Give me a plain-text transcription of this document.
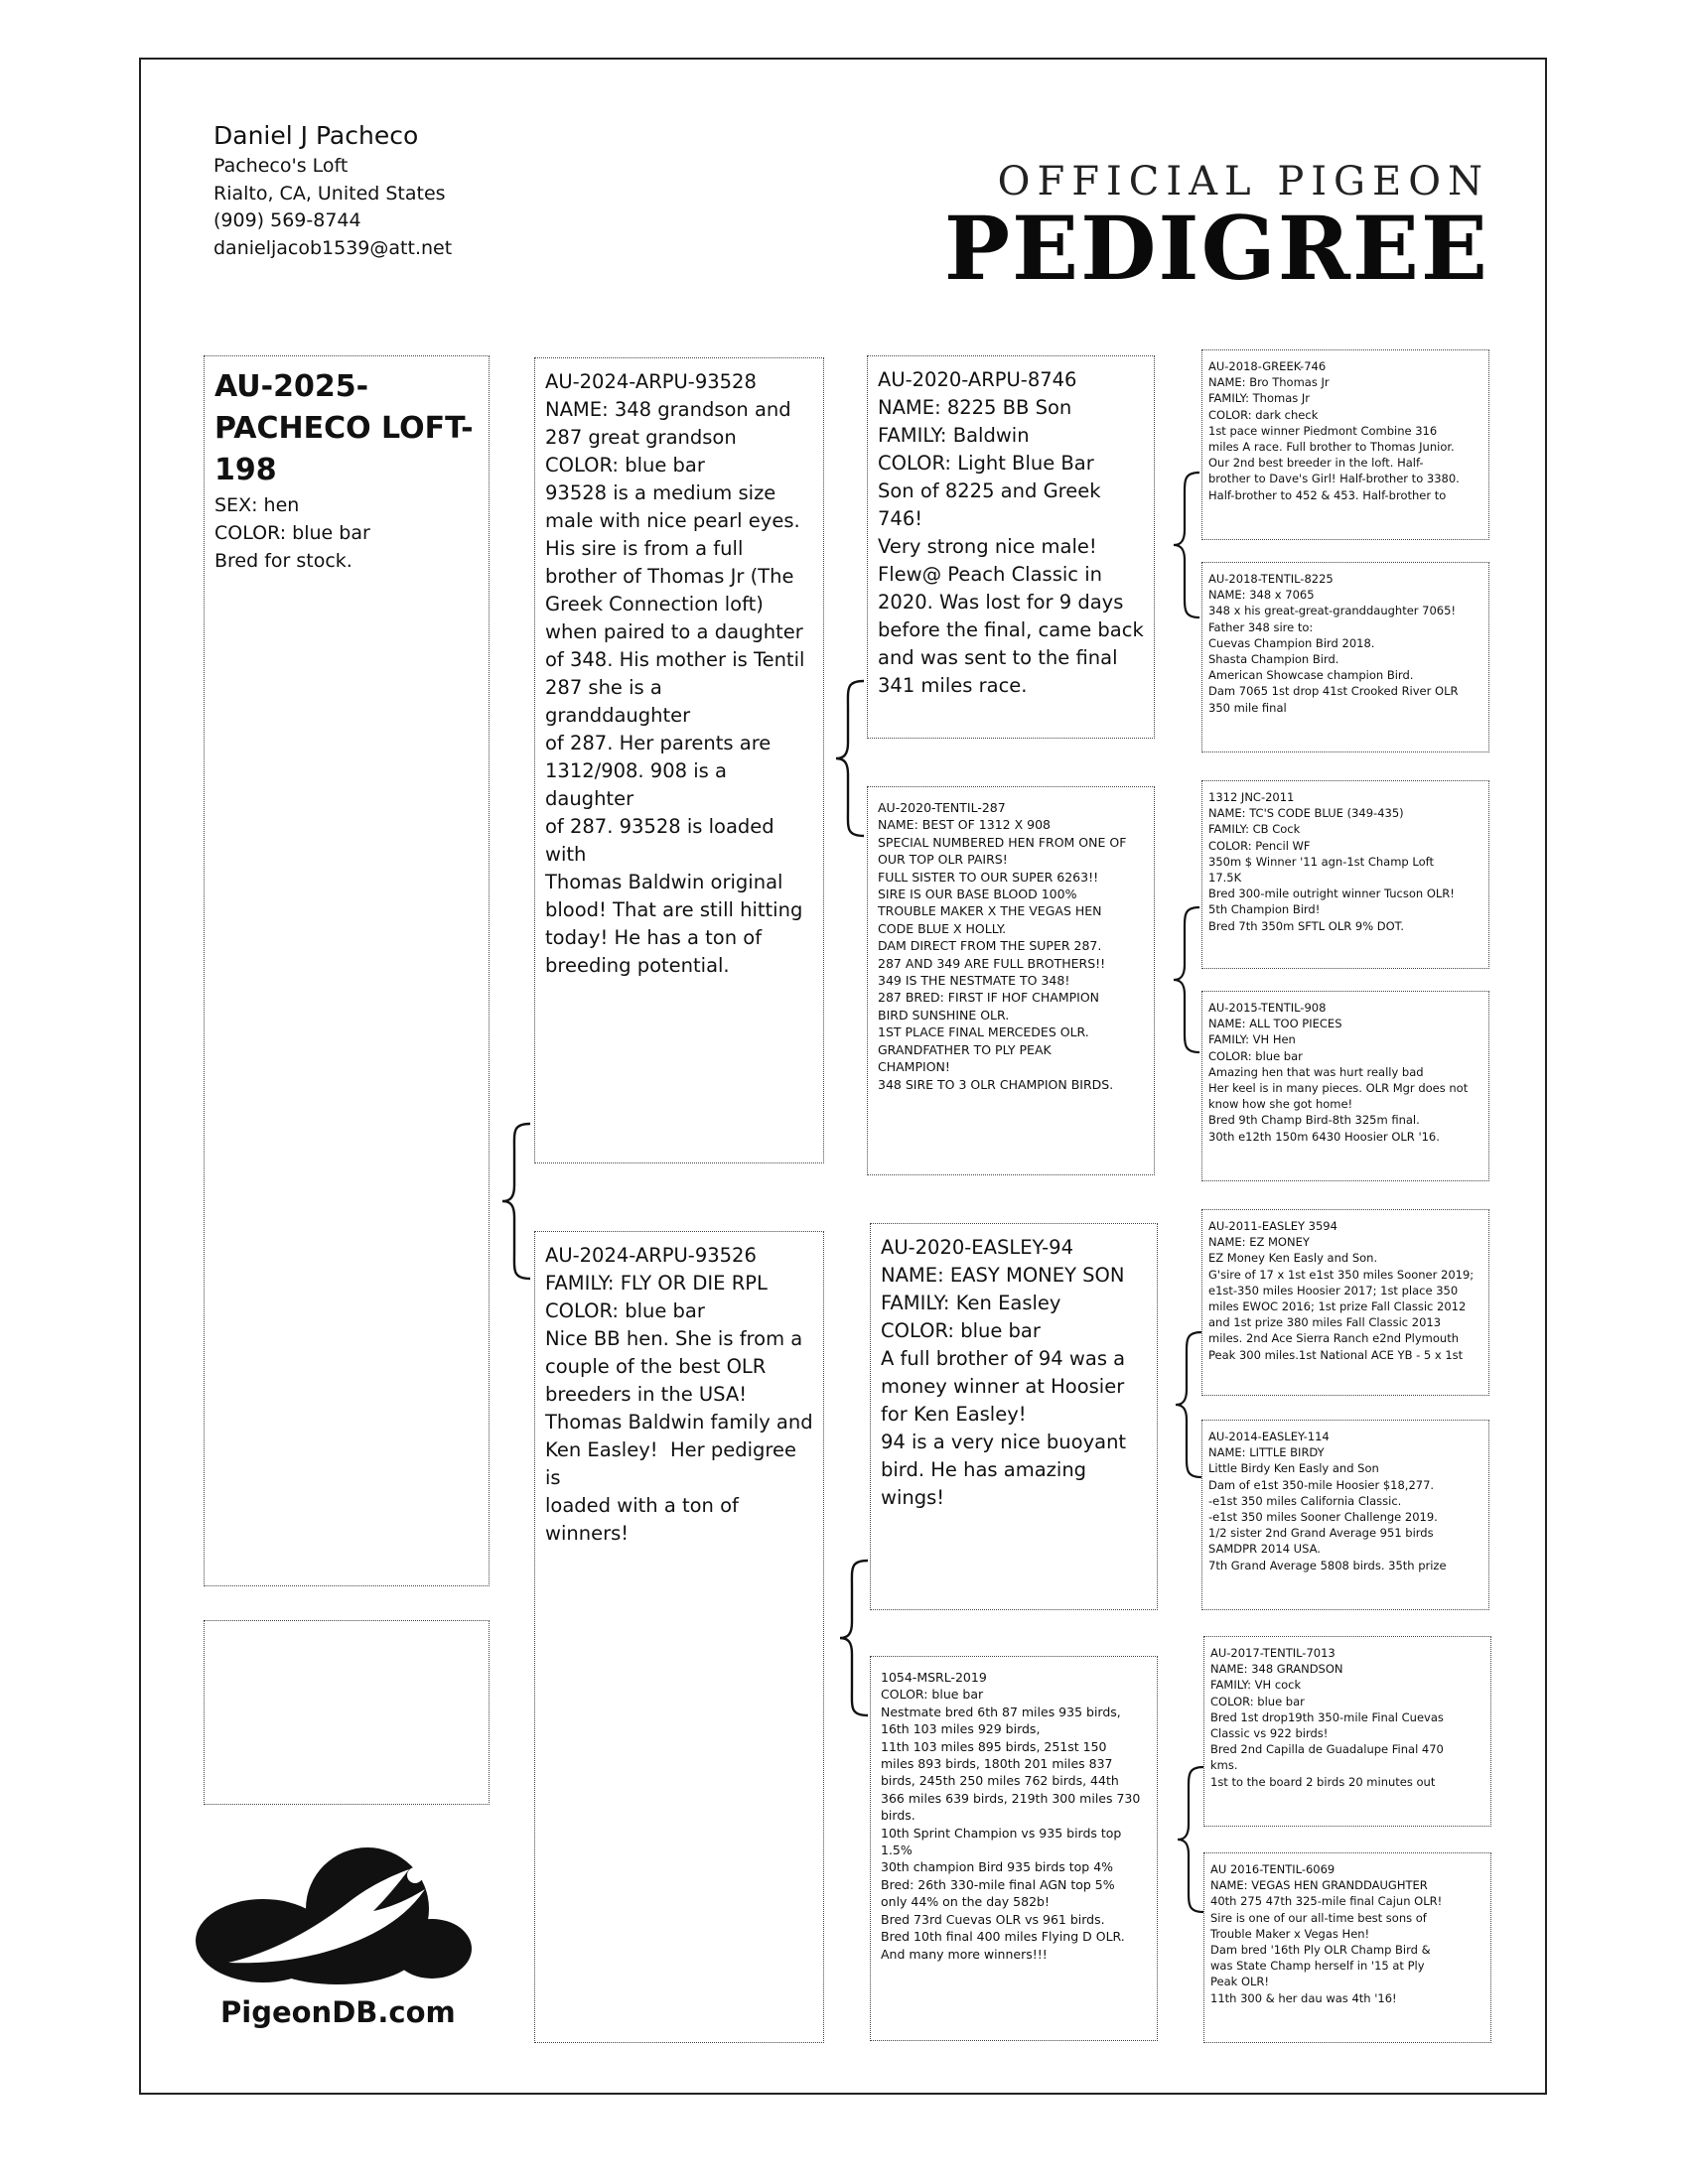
Daniel J Pacheco
Pacheco's Loft
Rialto, CA, United States
(909) 569-8744
danieljacob1539@att.net
OFFICIAL PIGEON
PEDIGREE

AU-2025-
PACHECO LOFT-
198

SEX: hen
COLOR: blue bar
Bred for stock.

AU-2024-ARPU-93528
NAME: 348 grandson and
287 great grandson
COLOR: blue bar
93528 is a medium size
male with nice pearl eyes.
His sire is from a full
brother of Thomas Jr (The
Greek Connection loft)
when paired to a daughter
of 348. His mother is Tentil
287 she is a granddaughter
of 287. Her parents are
1312/908. 908 is a daughter
of 287. 93528 is loaded with
Thomas Baldwin original
blood! That are still hitting
today! He has a ton of
breeding potential.

AU-2024-ARPU-93526
FAMILY: FLY OR DIE RPL
COLOR: blue bar
Nice BB hen. She is from a
couple of the best OLR
breeders in the USA!
Thomas Baldwin family and
Ken Easley!  Her pedigree is
loaded with a ton of
winners!

AU-2020-ARPU-8746
NAME: 8225 BB Son
FAMILY: Baldwin
COLOR: Light Blue Bar
Son of 8225 and Greek 746!
Very strong nice male!
Flew@ Peach Classic in
2020. Was lost for 9 days
before the final, came back
and was sent to the final
341 miles race.

AU-2020-TENTIL-287
NAME: BEST OF 1312 X 908
SPECIAL NUMBERED HEN FROM ONE OF
OUR TOP OLR PAIRS!
FULL SISTER TO OUR SUPER 6263!!
SIRE IS OUR BASE BLOOD 100%
TROUBLE MAKER X THE VEGAS HEN
CODE BLUE X HOLLY.
DAM DIRECT FROM THE SUPER 287.
287 AND 349 ARE FULL BROTHERS!!
349 IS THE NESTMATE TO 348!
287 BRED: FIRST IF HOF CHAMPION
BIRD SUNSHINE OLR.
1ST PLACE FINAL MERCEDES OLR.
GRANDFATHER TO PLY PEAK
CHAMPION!
348 SIRE TO 3 OLR CHAMPION BIRDS.

AU-2020-EASLEY-94
NAME: EASY MONEY SON
FAMILY: Ken Easley
COLOR: blue bar
A full brother of 94 was a
money winner at Hoosier
for Ken Easley!
94 is a very nice buoyant
bird. He has amazing
wings!

1054-MSRL-2019
COLOR: blue bar
Nestmate bred 6th 87 miles 935 birds,
16th 103 miles 929 birds,
11th 103 miles 895 birds, 251st 150
miles 893 birds, 180th 201 miles 837
birds, 245th 250 miles 762 birds, 44th
366 miles 639 birds, 219th 300 miles 730
birds.
10th Sprint Champion vs 935 birds top
1.5%
30th champion Bird 935 birds top 4%
Bred: 26th 330-mile final AGN top 5%
only 44% on the day 582b!
Bred 73rd Cuevas OLR vs 961 birds.
Bred 10th final 400 miles Flying D OLR.
And many more winners!!!

AU-2018-GREEK-746
NAME: Bro Thomas Jr
FAMILY: Thomas Jr
COLOR: dark check
1st pace winner Piedmont Combine 316
miles A race. Full brother to Thomas Junior.
Our 2nd best breeder in the loft. Half-
brother to Dave's Girl! Half-brother to 3380.
Half-brother to 452 & 453. Half-brother to

AU-2018-TENTIL-8225
NAME: 348 x 7065
348 x his great-great-granddaughter 7065!
Father 348 sire to:
Cuevas Champion Bird 2018.
Shasta Champion Bird.
American Showcase champion Bird.
Dam 7065 1st drop 41st Crooked River OLR
350 mile final

1312 JNC-2011
NAME: TC'S CODE BLUE (349-435)
FAMILY: CB Cock
COLOR: Pencil WF
350m $ Winner '11 agn-1st Champ Loft
17.5K
Bred 300-mile outright winner Tucson OLR!
5th Champion Bird!
Bred 7th 350m SFTL OLR 9% DOT.

AU-2015-TENTIL-908
NAME: ALL TOO PIECES
FAMILY: VH Hen
COLOR: blue bar
Amazing hen that was hurt really bad
Her keel is in many pieces. OLR Mgr does not
know how she got home!
Bred 9th Champ Bird-8th 325m final.
30th e12th 150m 6430 Hoosier OLR '16.

AU-2011-EASLEY 3594
NAME: EZ MONEY
EZ Money Ken Easly and Son.
G'sire of 17 x 1st e1st 350 miles Sooner 2019;
e1st-350 miles Hoosier 2017; 1st place 350
miles EWOC 2016; 1st prize Fall Classic 2012
and 1st prize 380 miles Fall Classic 2013
miles. 2nd Ace Sierra Ranch e2nd Plymouth
Peak 300 miles.1st National ACE YB - 5 x 1st

AU-2014-EASLEY-114
NAME: LITTLE BIRDY
Little Birdy Ken Easly and Son
Dam of e1st 350-mile Hoosier $18,277.
-e1st 350 miles California Classic.
-e1st 350 miles Sooner Challenge 2019.
1/2 sister 2nd Grand Average 951 birds
SAMDPR 2014 USA.
7th Grand Average 5808 birds. 35th prize

AU-2017-TENTIL-7013
NAME: 348 GRANDSON
FAMILY: VH cock
COLOR: blue bar
Bred 1st drop19th 350-mile Final Cuevas
Classic vs 922 birds!
Bred 2nd Capilla de Guadalupe Final 470
kms.
1st to the board 2 birds 20 minutes out

AU 2016-TENTIL-6069
NAME: VEGAS HEN GRANDDAUGHTER
40th 275 47th 325-mile final Cajun OLR!
Sire is one of our all-time best sons of
Trouble Maker x Vegas Hen!
Dam bred '16th Ply OLR Champ Bird &
was State Champ herself in '15 at Ply
Peak OLR!
11th 300 & her dau was 4th '16!

PigeonDB.com
